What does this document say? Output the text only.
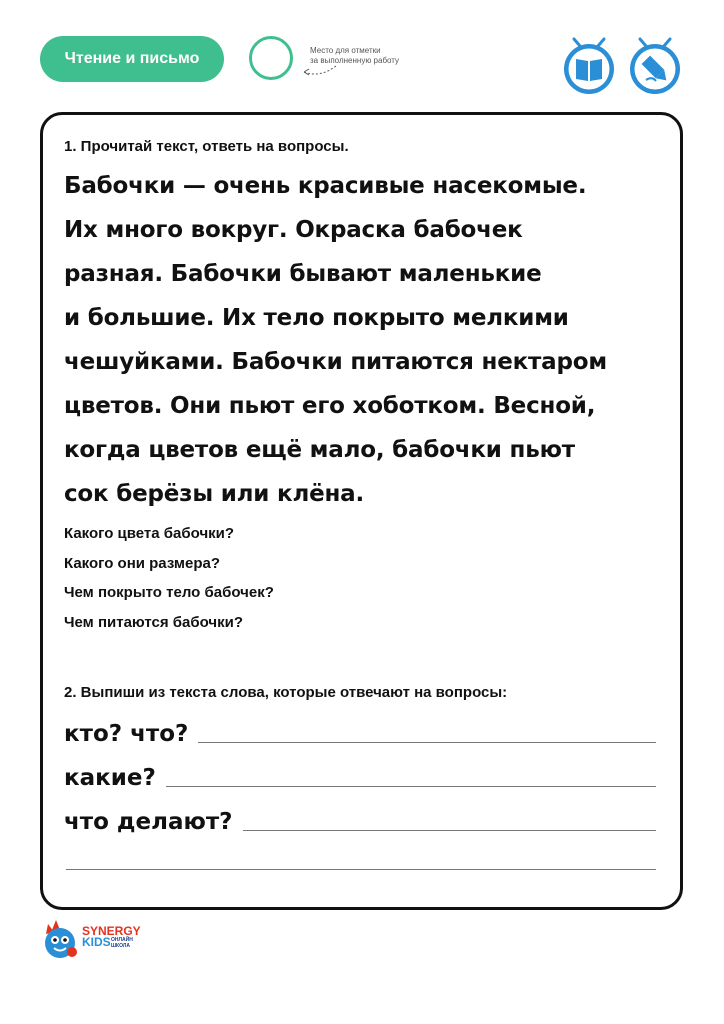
Чтение и письмо	Место для отметки
за выполненную работу
1. Прочитай текст, ответь на вопросы.
Бабочки — очень красивые насекомые.
Их много вокруг. Окраска бабочек
разная. Бабочки бывают маленькие
и большие. Их тело покрыто мелкими
чешуйками. Бабочки питаются нектаром
цветов. Они пьют его хоботком. Весной,
когда цветов ещё мало, бабочки пьют
сок берёзы или клёна.
Какого цвета бабочки?
Какого они размера?
Чем покрыто тело бабочек?
Чем питаются бабочки?
2. Выпиши из текста слова, которые отвечают на вопросы:
кто? что?
какие?
что делают?
SYNERGY
KIDS ОНЛАЙН
ШКОЛА
